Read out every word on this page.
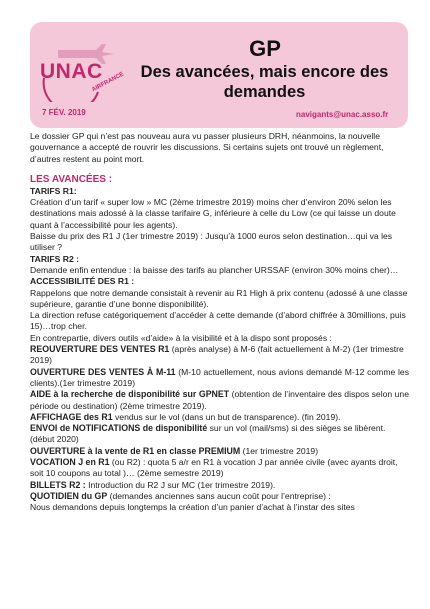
UNAC
AIRFRANCE
GP
Des avancées, mais encore des demandes
7 FÉV. 2019	navigants@unac.asso.fr

Le dossier GP qui n’est pas nouveau aura vu passer plusieurs DRH, néanmoins, la nouvelle gouvernance a accepté de rouvrir les discussions. Si certains sujets ont trouvé un règlement, d’autres restent au point mort.

LES AVANCÉES :

TARIFS R1:

Création d’un tarif « super low » MC (2ème trimestre 2019) moins cher d’environ 20% selon les destinations mais adossé à la classe tarifaire G, inférieure à celle du Low (ce qui laisse un doute quant à l’accessibilité pour les agents).

Baisse du prix des R1 J (1er trimestre 2019) : Jusqu’à 1000 euros selon destination…qui va les utiliser ?

TARIFS R2 :

Demande enfin entendue : la baisse des tarifs au plancher URSSAF (environ 30% moins cher)…

ACCESSIBILITÉ DES R1 :

Rappelons que notre demande consistait à revenir au R1 High à prix contenu (adossé à une classe supérieure, garantie d’une bonne disponibilité).

La direction refuse catégoriquement d’accéder à cette demande (d’abord chiffrée à 30millions, puis 15)…trop cher.

En contrepartie, divers outils «d’aide» à la visibilité et à la dispo sont proposés :

REOUVERTURE DES VENTES R1 (après analyse) à M-6 (fait actuellement à M-2) (1er trimestre 2019)

OUVERTURE DES VENTES À M-11 (M-10 actuellement, nous avions demandé M-12 comme les clients).(1er trimestre 2019)

AIDE à la recherche de disponibilité sur GPNET (obtention de l’inventaire des dispos selon une période ou destination) (2ème trimestre 2019).

AFFICHAGE des R1 vendus sur le vol (dans un but de transparence). (fin 2019).

ENVOI de NOTIFICATIONS de disponibilité sur un vol (mail/sms) si des sièges se libèrent. (début 2020)

OUVERTURE à la vente de R1 en classe PREMIUM (1er trimestre 2019)

VOCATION J en R1 (ou R2) : quota 5 a/r en R1 à vocation J par année civile (avec ayants droit, soit 10 coupons au total )… (2ème semestre 2019)

BILLETS R2 : Introduction du R2 J sur MC (1er trimestre 2019).

QUOTIDIEN du GP (demandes anciennes sans aucun coût pour l’entreprise) :

Nous demandons depuis longtemps la création d’un panier d’achat à l’instar des sites
